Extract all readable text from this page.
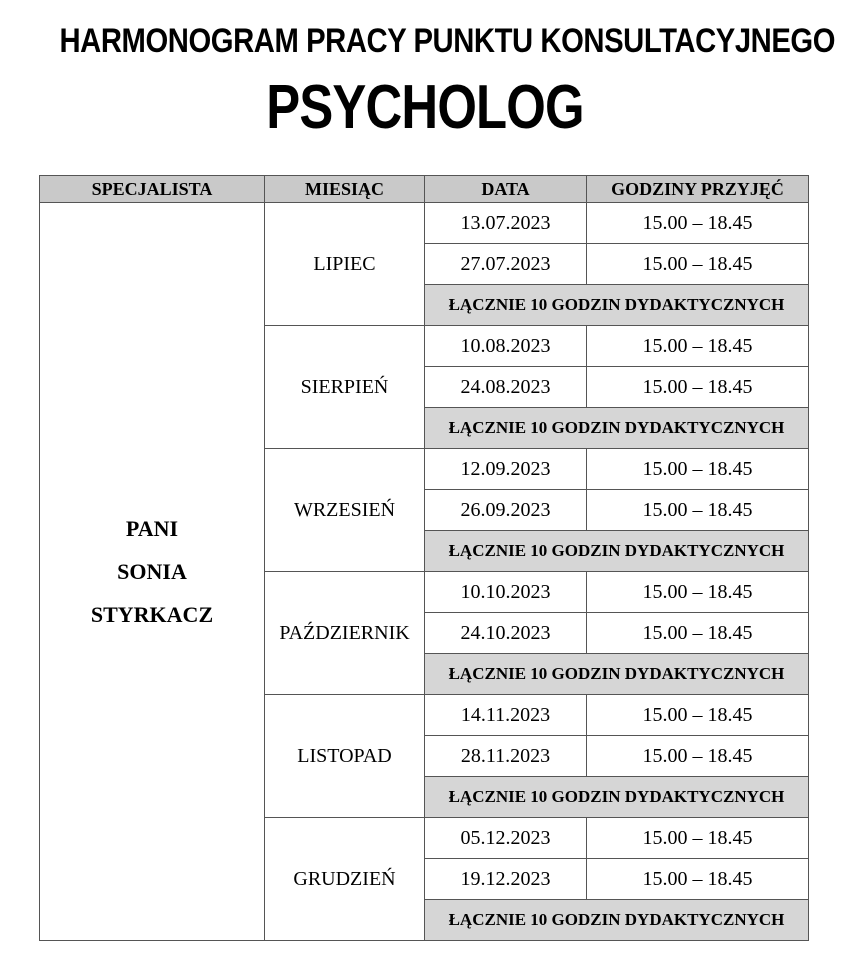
HARMONOGRAM PRACY PUNKTU KONSULTACYJNEGO
PSYCHOLOG
SPECJALISTA	MIESIĄC	DATA	GODZINY PRZYJĘĆ

PANI
SONIA
STYRKACZ	LIPIEC	13.07.2023	15.00 – 18.45
		27.07.2023	15.00 – 18.45
		ŁĄCZNIE 10 GODZIN DYDAKTYCZNYCH	
	SIERPIEŃ	10.08.2023	15.00 – 18.45
		24.08.2023	15.00 – 18.45
		ŁĄCZNIE 10 GODZIN DYDAKTYCZNYCH	
	WRZESIEŃ	12.09.2023	15.00 – 18.45
		26.09.2023	15.00 – 18.45
		ŁĄCZNIE 10 GODZIN DYDAKTYCZNYCH	
	PAŹDZIERNIK	10.10.2023	15.00 – 18.45
		24.10.2023	15.00 – 18.45
		ŁĄCZNIE 10 GODZIN DYDAKTYCZNYCH	
	LISTOPAD	14.11.2023	15.00 – 18.45
		28.11.2023	15.00 – 18.45
		ŁĄCZNIE 10 GODZIN DYDAKTYCZNYCH	
	GRUDZIEŃ	05.12.2023	15.00 – 18.45
		19.12.2023	15.00 – 18.45
		ŁĄCZNIE 10 GODZIN DYDAKTYCZNYCH	
